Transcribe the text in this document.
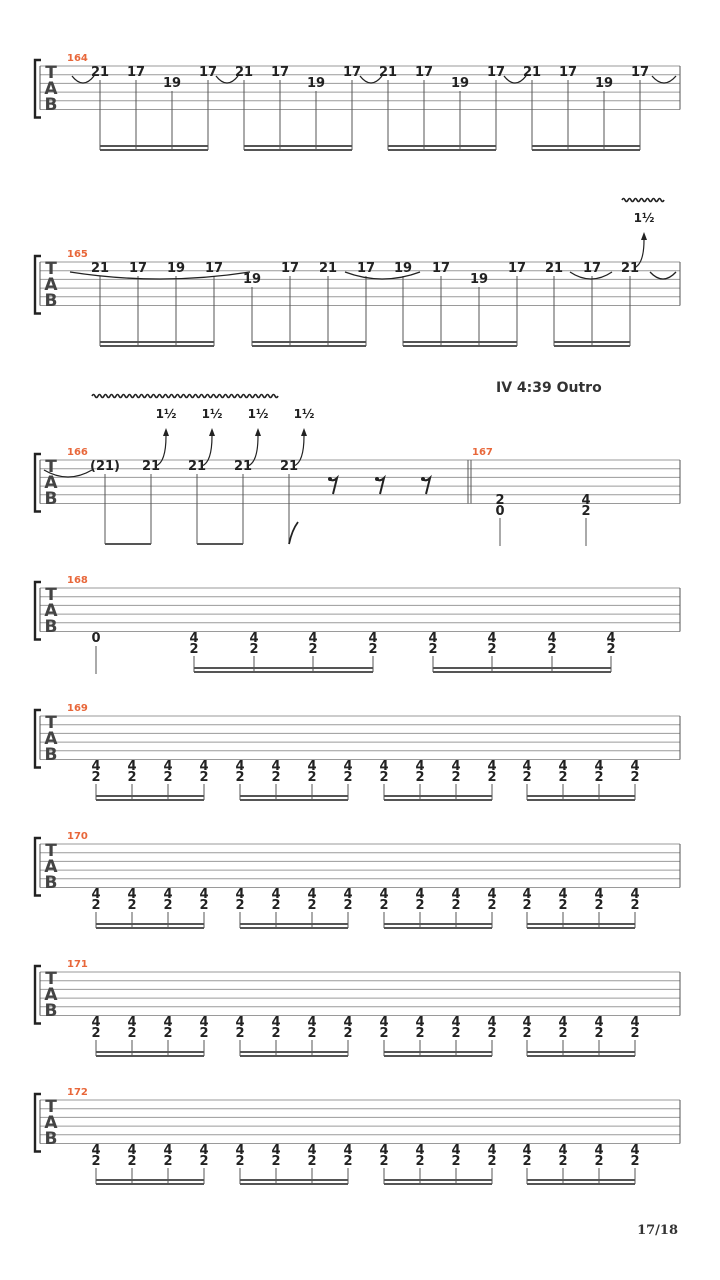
IV 4:39 Outro
17/18
T
A
B
164
21 17
19
17 21 17
19
17 21 17
19
17 21 17
19
17
T
A
B
165
21 17 19 17
19
17 21 17 19 17
19
17 21 17 21
1½
T
A
B
166
(21) 21
1½
21
1½
21
1½
21
1½
167
2
0
4
2
T
A
B
168
0	4
2
4
2
4
2
4
2
4
2
4
2
4
2
4
2
T
A
B
169
4
2
4
2
4
2
4
2
4
2
4
2
4
2
4
2
4
2
4
2
4
2
4
2
4
2
4
2
4
2
4
2
T
A
B
170
4
2
4
2
4
2
4
2
4
2
4
2
4
2
4
2
4
2
4
2
4
2
4
2
4
2
4
2
4
2
4
2
T
A
B
171
4
2
4
2
4
2
4
2
4
2
4
2
4
2
4
2
4
2
4
2
4
2
4
2
4
2
4
2
4
2
4
2
T
A
B
172
4
2
4
2
4
2
4
2
4
2
4
2
4
2
4
2
4
2
4
2
4
2
4
2
4
2
4
2
4
2
4
2
